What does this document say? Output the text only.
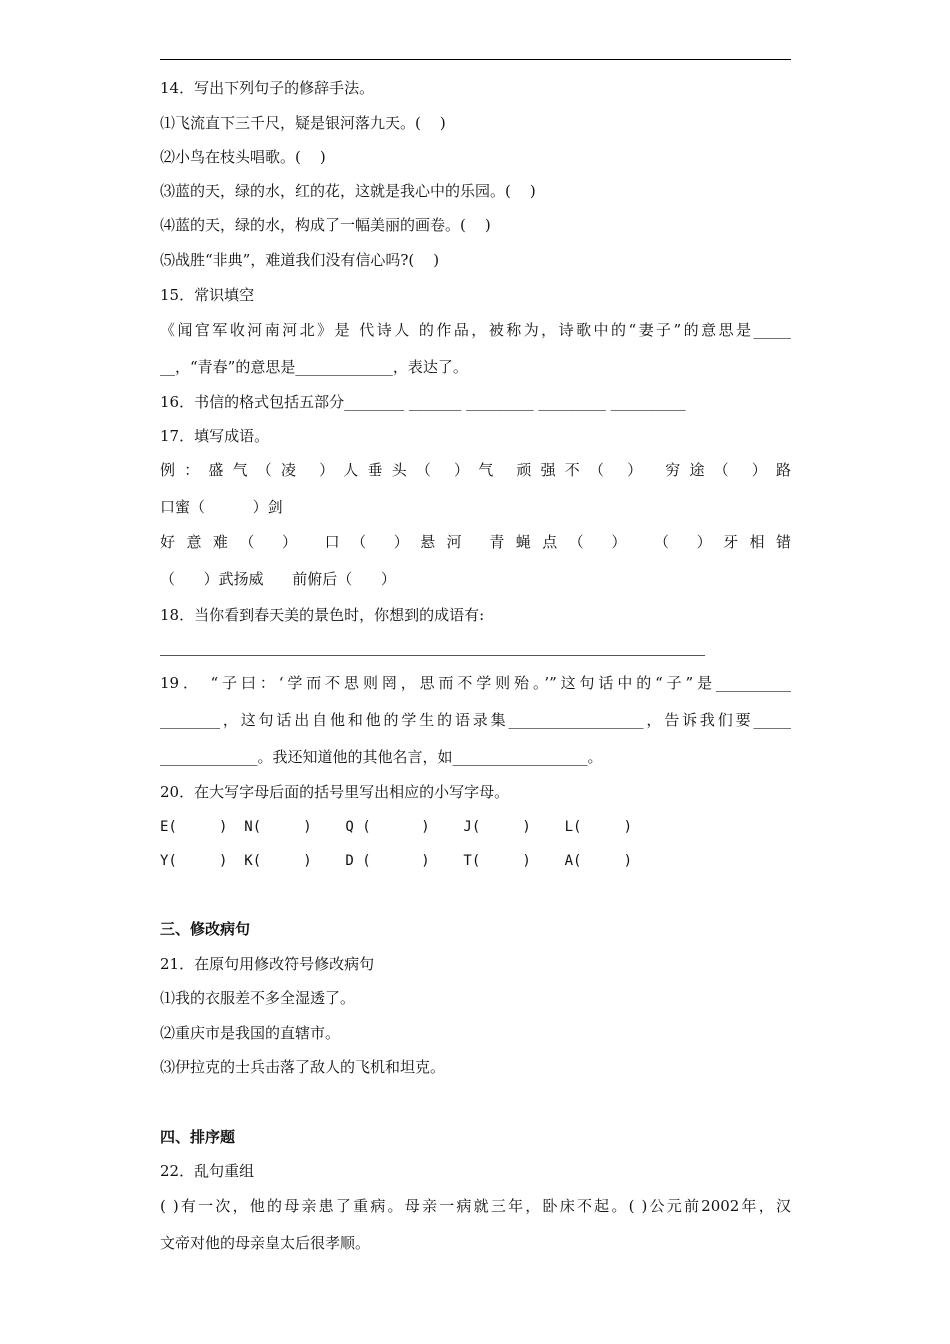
14．写出下列句子的修辞手法。
⑴飞流直下三千尺，疑是银河落九天。(    )
⑵小鸟在枝头唱歌。(    )
⑶蓝的天，绿的水，红的花，这就是我心中的乐园。(    )
⑷蓝的天，绿的水，构成了一幅美丽的画卷。(    )
⑸战胜“非典”，难道我们没有信心吗?(    )
15．常识填空
《闻官军收河南河北》是 代诗人 的作品，被称为，诗歌中的“妻子”的意思是_____
__，“青春”的意思是_____________，表达了。
16．书信的格式包括五部分________ _______ _________ _________ __________
17．填写成语。
例：盛气（凌 ）人垂头（ ）气 顽强不（ ） 穷途（ ）路
口蜜（          ）剑
好意难（ ） 口（ ）悬河 青蝇点（ ） （ ）牙相错
（      ）武扬威      前俯后（      ）
18．当你看到春天美的景色时，你想到的成语有:
19． “子曰：‘学而不思则罔，思而不学则殆。’”这句话中的“子”是__________
________，这句话出自他和他的学生的语录集__________________，告诉我们要_____
_____________。我还知道他的其他名言，如__________________。
20．在大写字母后面的括号里写出相应的小写字母。
E(     )  N(     )    Q (      )    J(     )    L(     )
Y(     )  K(     )    D (      )    T(     )    A(     )
三、修改病句
21．在原句用修改符号修改病句
⑴我的衣服差不多全湿透了。
⑵重庆市是我国的直辖市。
⑶伊拉克的士兵击落了敌人的飞机和坦克。
四、排序题
22．乱句重组
( )有一次，他的母亲患了重病。母亲一病就三年，卧床不起。( )公元前2002年，汉
文帝对他的母亲皇太后很孝顺。
